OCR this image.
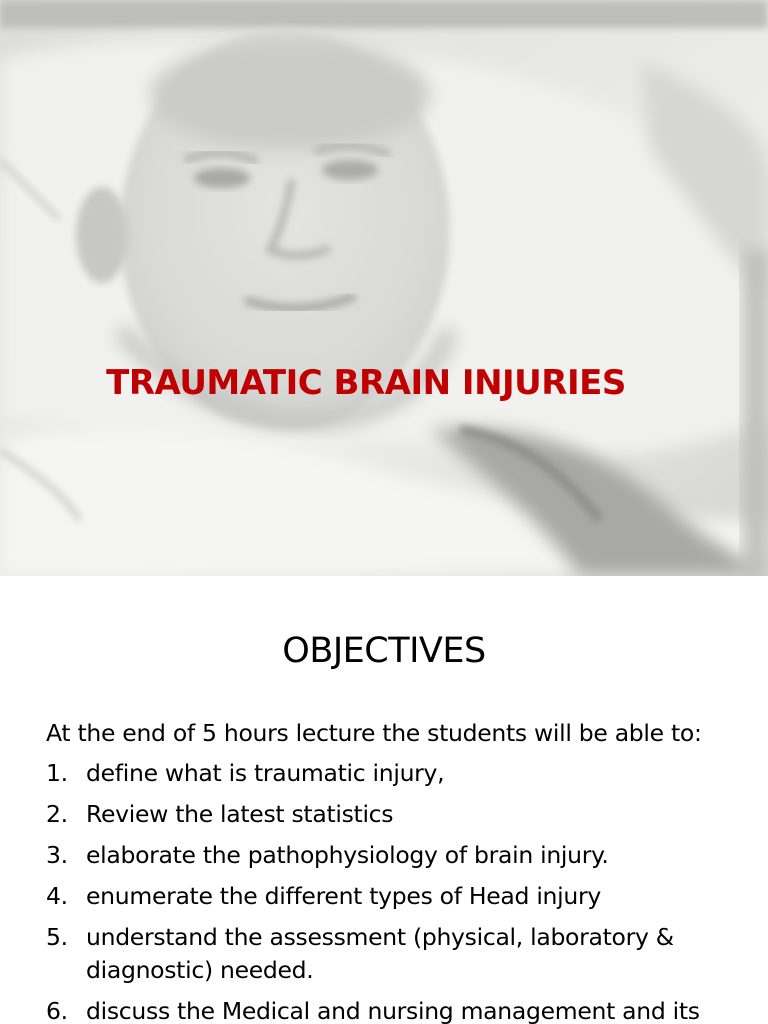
TRAUMATIC BRAIN INJURIES
OBJECTIVES
At the end of 5 hours lecture the students will be able to:
1. define what is traumatic injury,
2. Review the latest statistics
3. elaborate the pathophysiology of brain injury.
4. enumerate the different types of Head injury
5. understand the assessment (physical, laboratory & diagnostic) needed.
6. discuss the Medical and nursing management and its
